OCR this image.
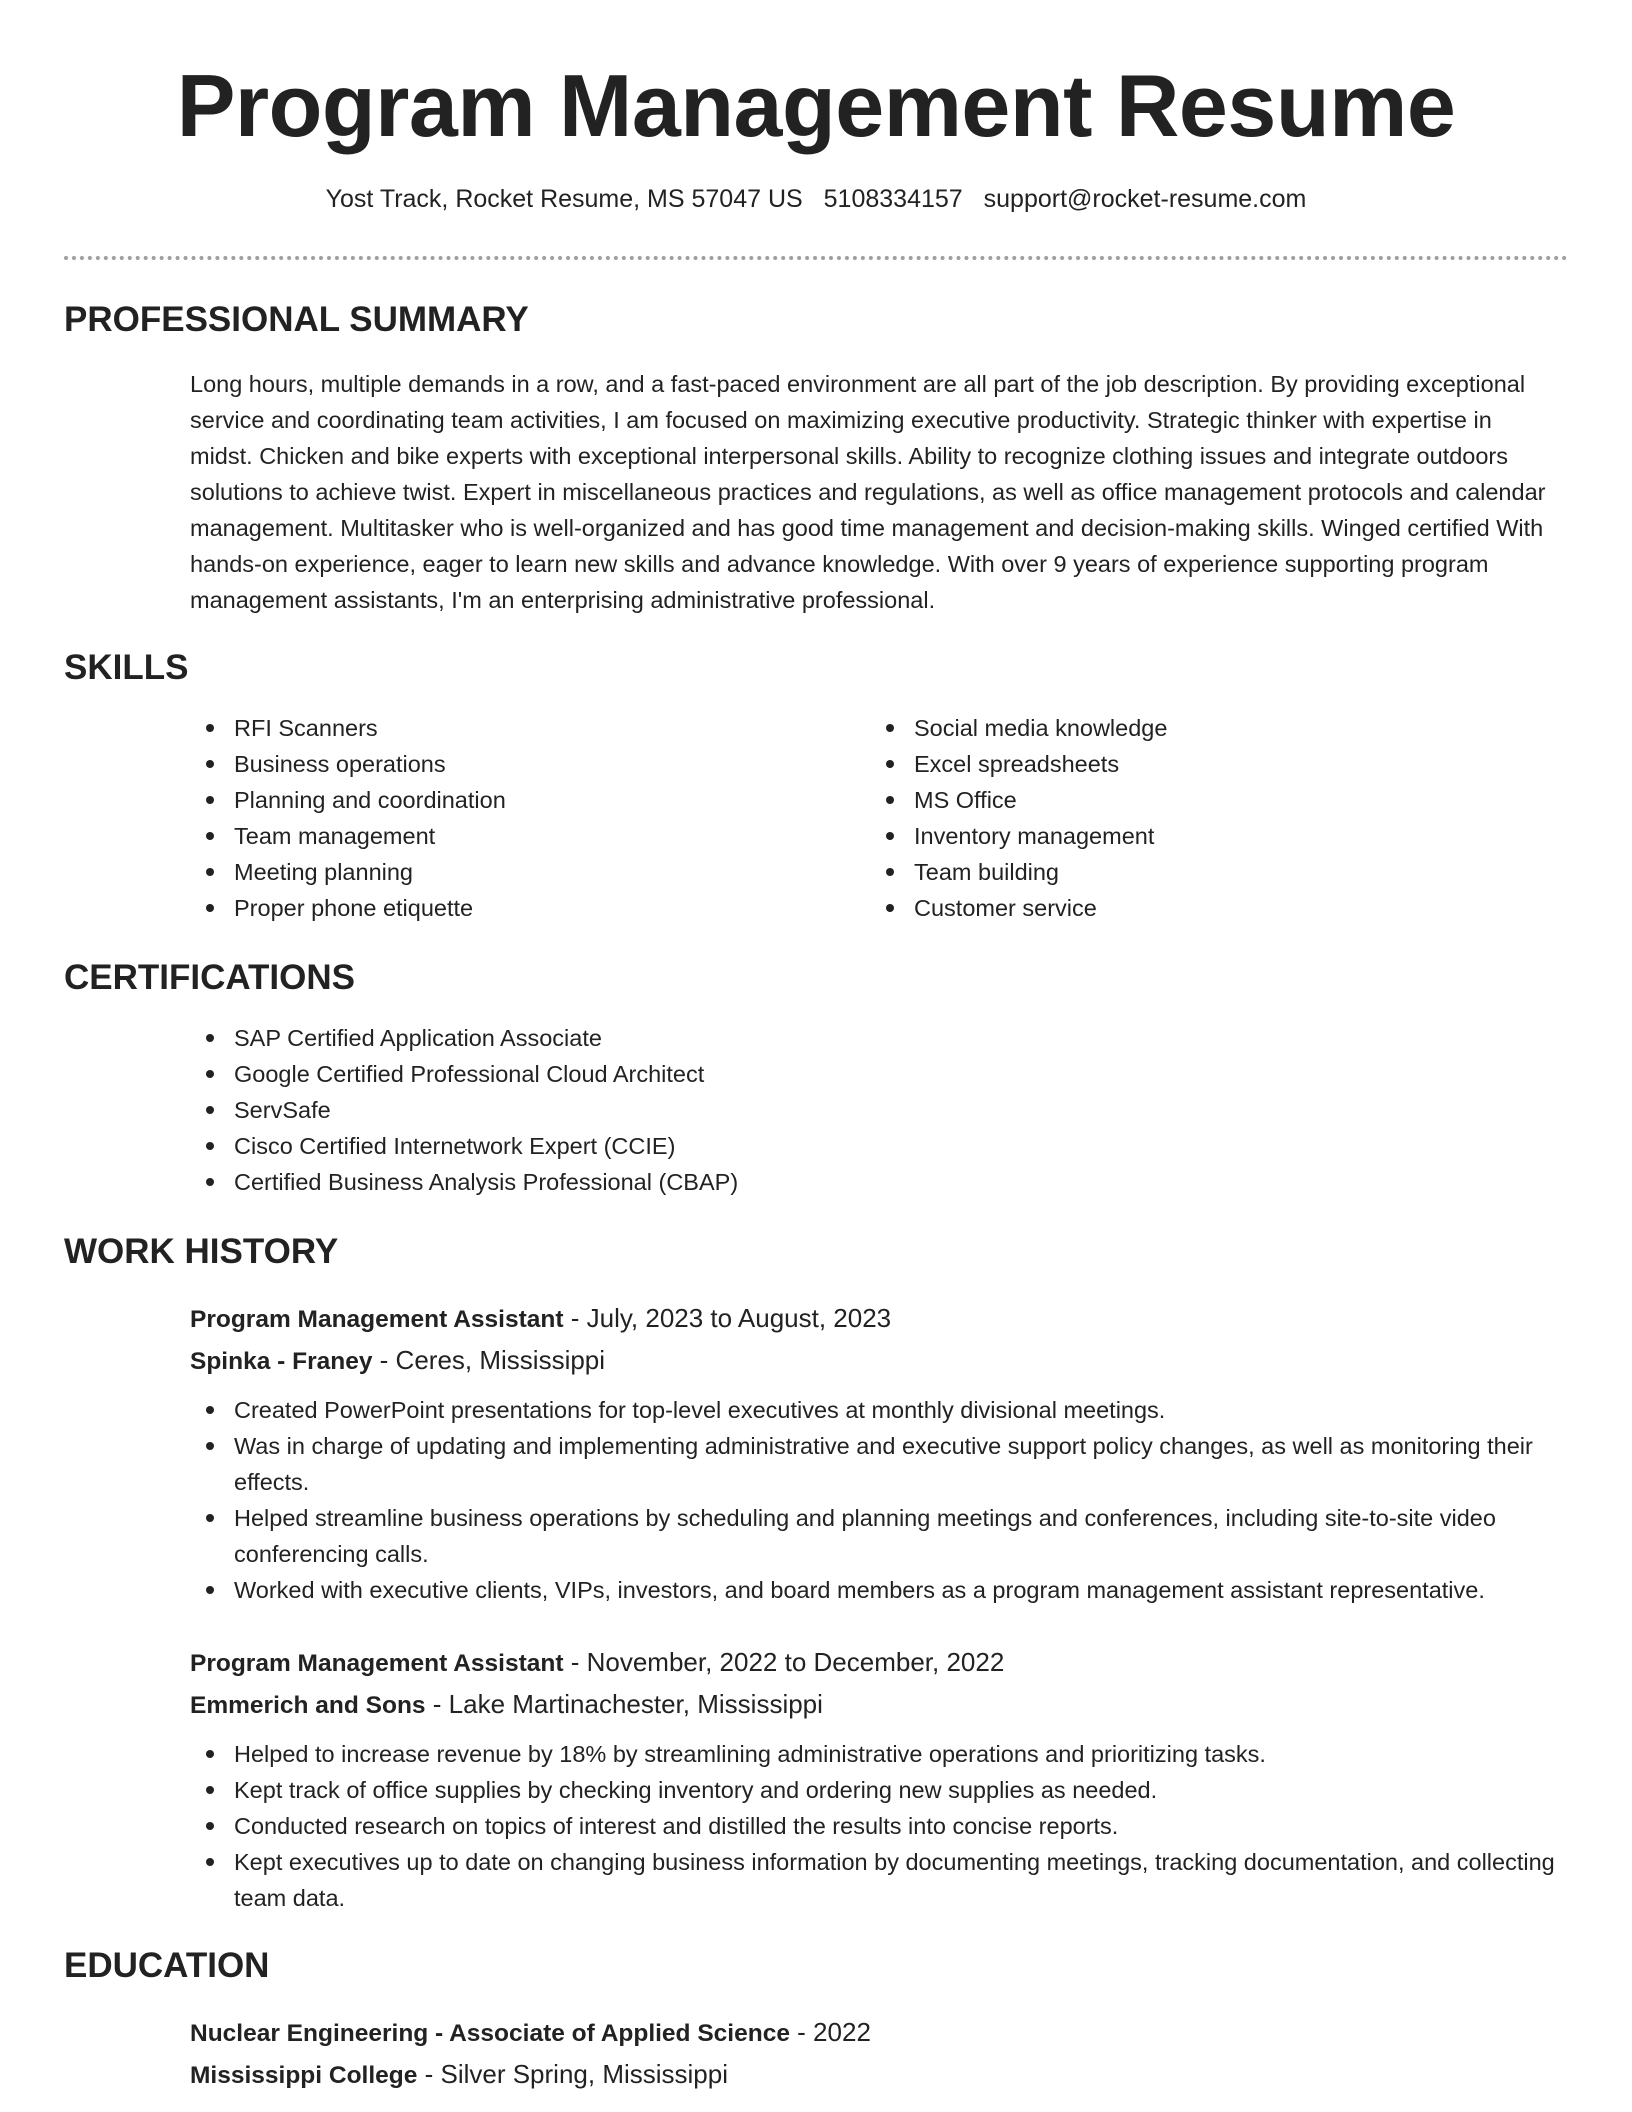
Program Management Resume
Yost Track, Rocket Resume, MS 57047 US 5108334157 support@rocket-resume.com
PROFESSIONAL SUMMARY

Long hours, multiple demands in a row, and a fast-paced environment are all part of the job description. By providing exceptional service and coordinating team activities, I am focused on maximizing executive productivity. Strategic thinker with expertise in midst. Chicken and bike experts with exceptional interpersonal skills. Ability to recognize clothing issues and integrate outdoors solutions to achieve twist. Expert in miscellaneous practices and regulations, as well as office management protocols and calendar management. Multitasker who is well-organized and has good time management and decision-making skills. Winged certified With hands-on experience, eager to learn new skills and advance knowledge. With over 9 years of experience supporting program management assistants, I'm an enterprising administrative professional.

SKILLS
RFI Scanners
Business operations
Planning and coordination
Team management
Meeting planning
Proper phone etiquette
Social media knowledge
Excel spreadsheets
MS Office
Inventory management
Team building
Customer service
CERTIFICATIONS
SAP Certified Application Associate
Google Certified Professional Cloud Architect
ServSafe
Cisco Certified Internetwork Expert (CCIE)
Certified Business Analysis Professional (CBAP)
WORK HISTORY
Program Management Assistant - July, 2023 to August, 2023
Spinka - Franey - Ceres, Mississippi
Created PowerPoint presentations for top-level executives at monthly divisional meetings.
Was in charge of updating and implementing administrative and executive support policy changes, as well as monitoring their effects.
Helped streamline business operations by scheduling and planning meetings and conferences, including site-to-site video conferencing calls.
Worked with executive clients, VIPs, investors, and board members as a program management assistant representative.
Program Management Assistant - November, 2022 to December, 2022
Emmerich and Sons - Lake Martinachester, Mississippi
Helped to increase revenue by 18% by streamlining administrative operations and prioritizing tasks.
Kept track of office supplies by checking inventory and ordering new supplies as needed.
Conducted research on topics of interest and distilled the results into concise reports.
Kept executives up to date on changing business information by documenting meetings, tracking documentation, and collecting team data.
EDUCATION
Nuclear Engineering - Associate of Applied Science - 2022
Mississippi College - Silver Spring, Mississippi
